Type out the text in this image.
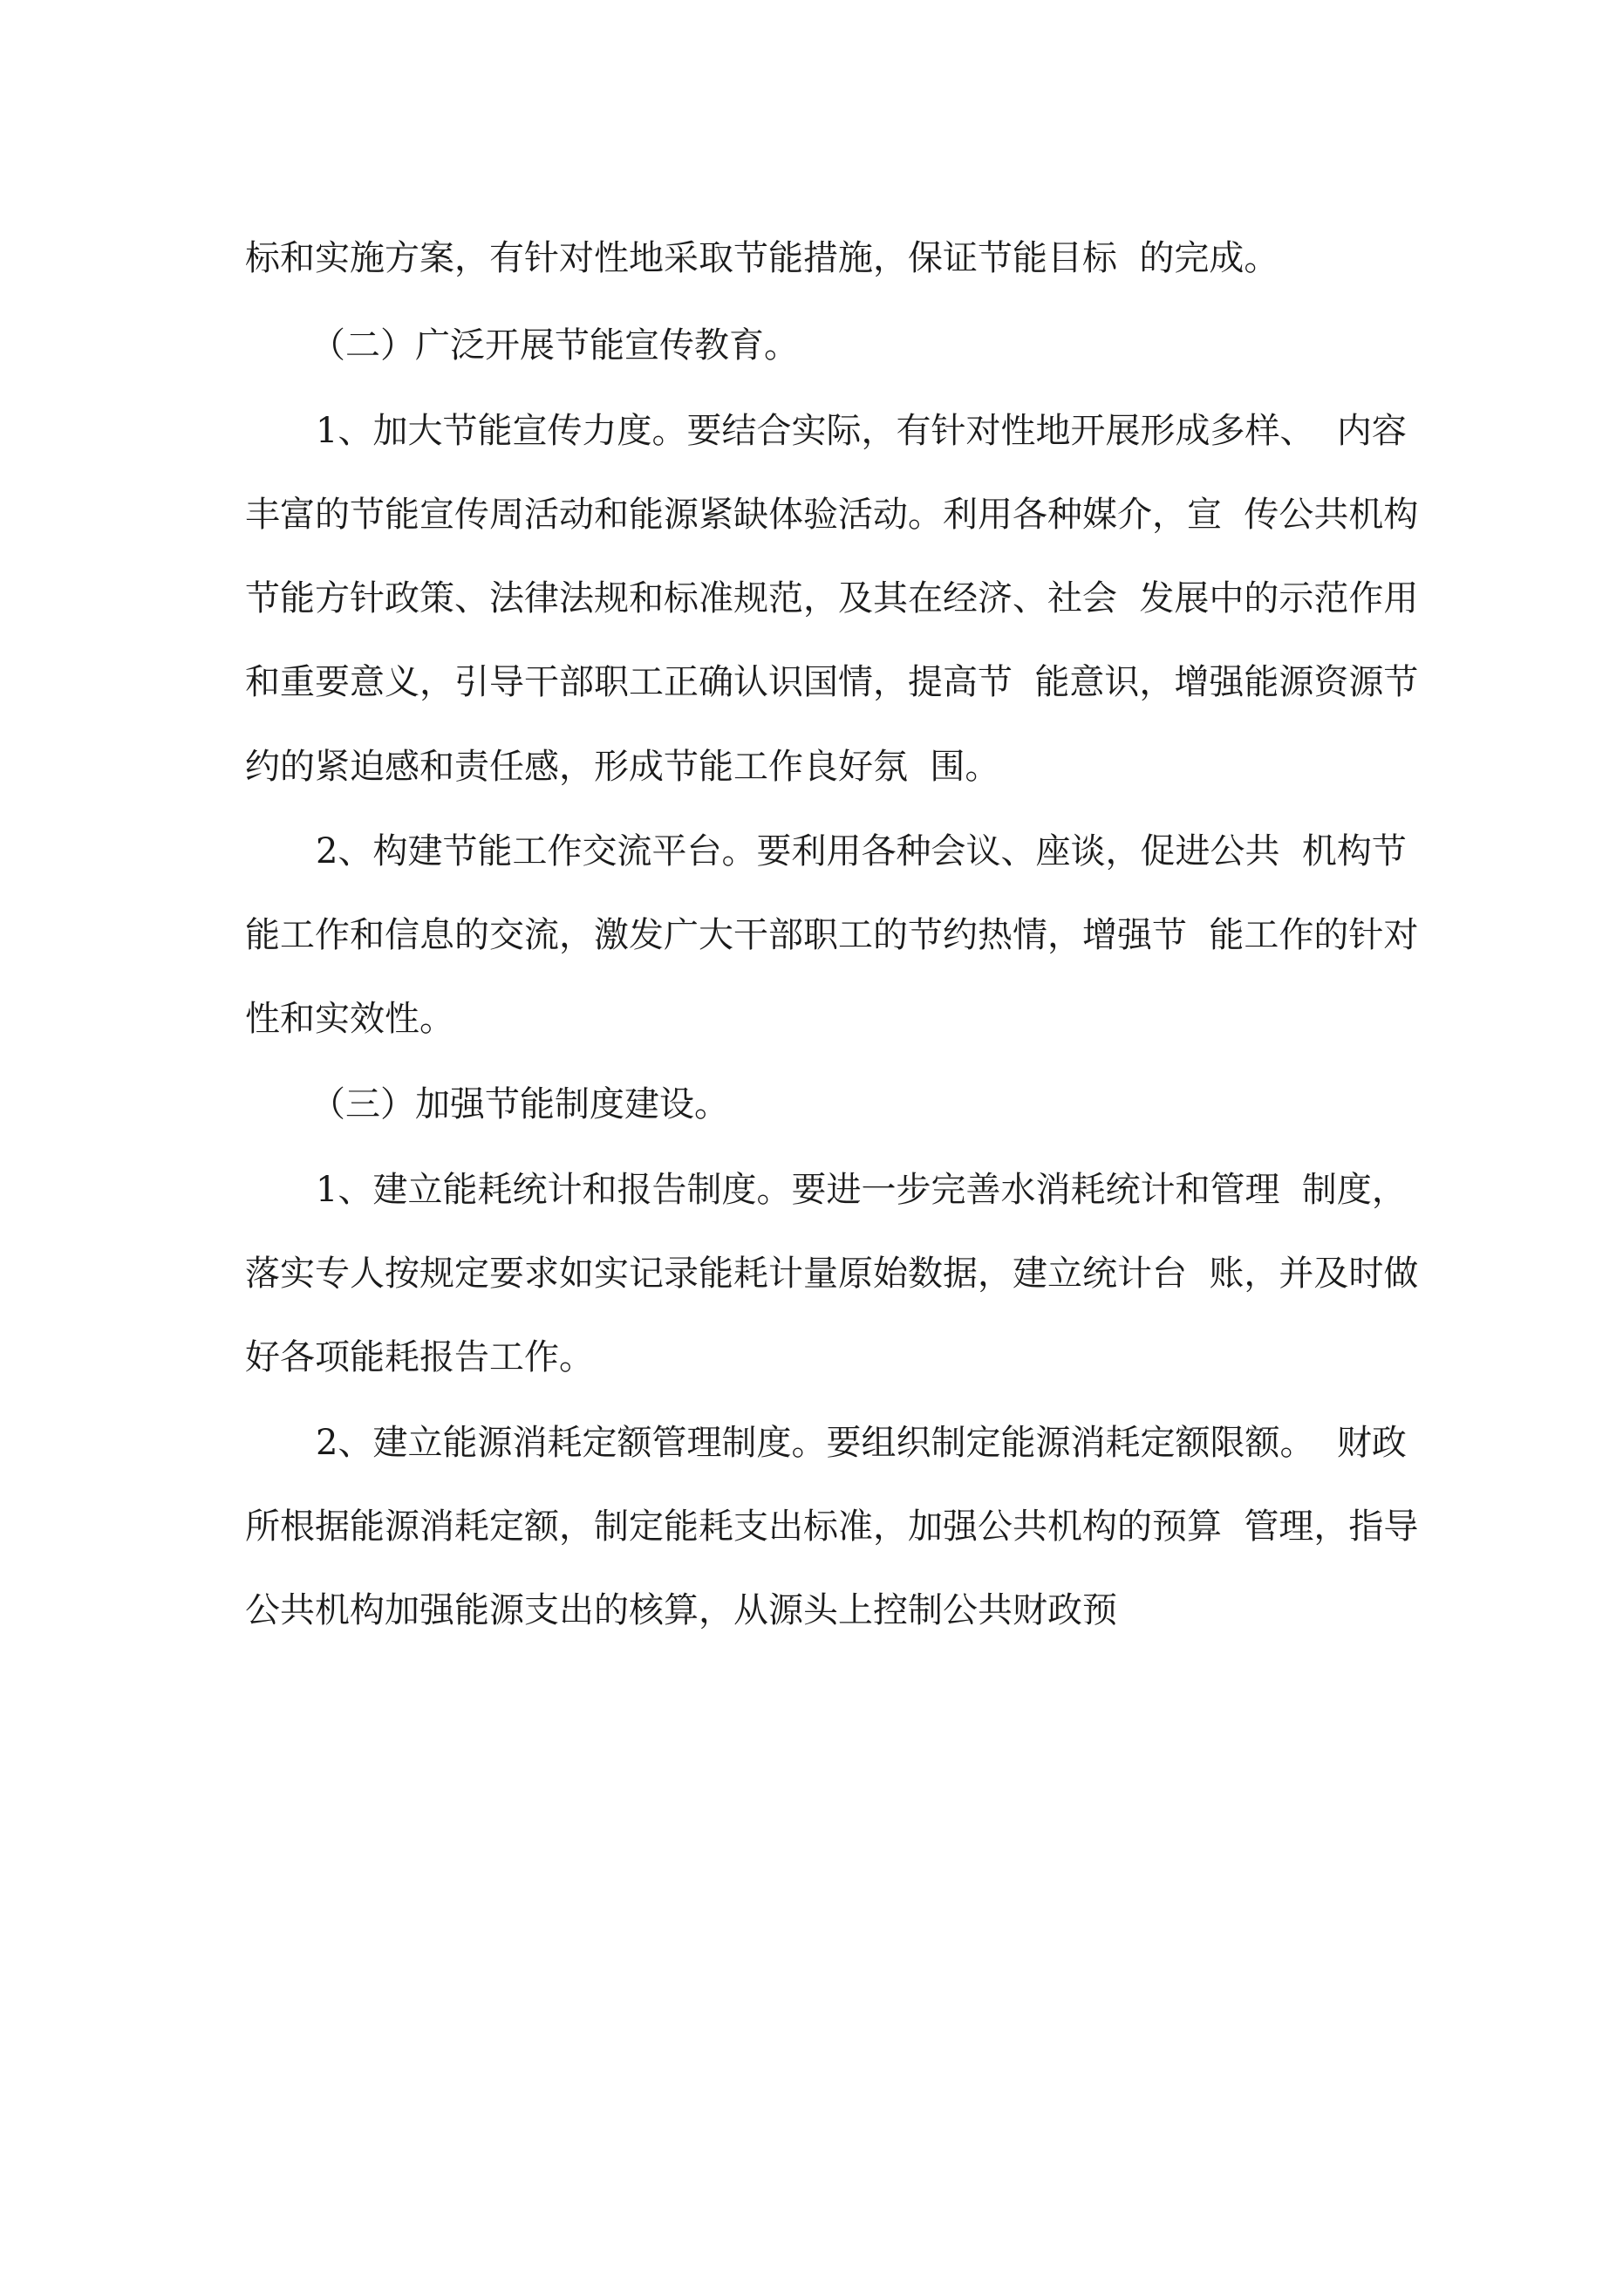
标和实施方案，有针对性地采取节能措施，保证节能目标  的完成。
（二）广泛开展节能宣传教育。
1、加大节能宣传力度。要结合实际，有针对性地开展形成多样、  内容
丰富的节能宣传周活动和能源紧缺体验活动。利用各种媒介，宣  传公共机构
节能方针政策、法律法规和标准规范，及其在经济、社会  发展中的示范作用
和重要意义，引导干部职工正确认识国情，提高节  能意识，增强能源资源节
约的紧迫感和责任感，形成节能工作良好氛  围。
2、构建节能工作交流平台。要利用各种会议、座谈，促进公共  机构节
能工作和信息的交流，激发广大干部职工的节约热情，增强节  能工作的针对
性和实效性。
（三）加强节能制度建设。
1、建立能耗统计和报告制度。要进一步完善水消耗统计和管理  制度，
落实专人按规定要求如实记录能耗计量原始数据，建立统计台  账，并及时做
好各项能耗报告工作。
2、建立能源消耗定额管理制度。要组织制定能源消耗定额限额。  财政
所根据能源消耗定额，制定能耗支出标准，加强公共机构的预算  管理，指导
公共机构加强能源支出的核算，从源头上控制公共财政预
